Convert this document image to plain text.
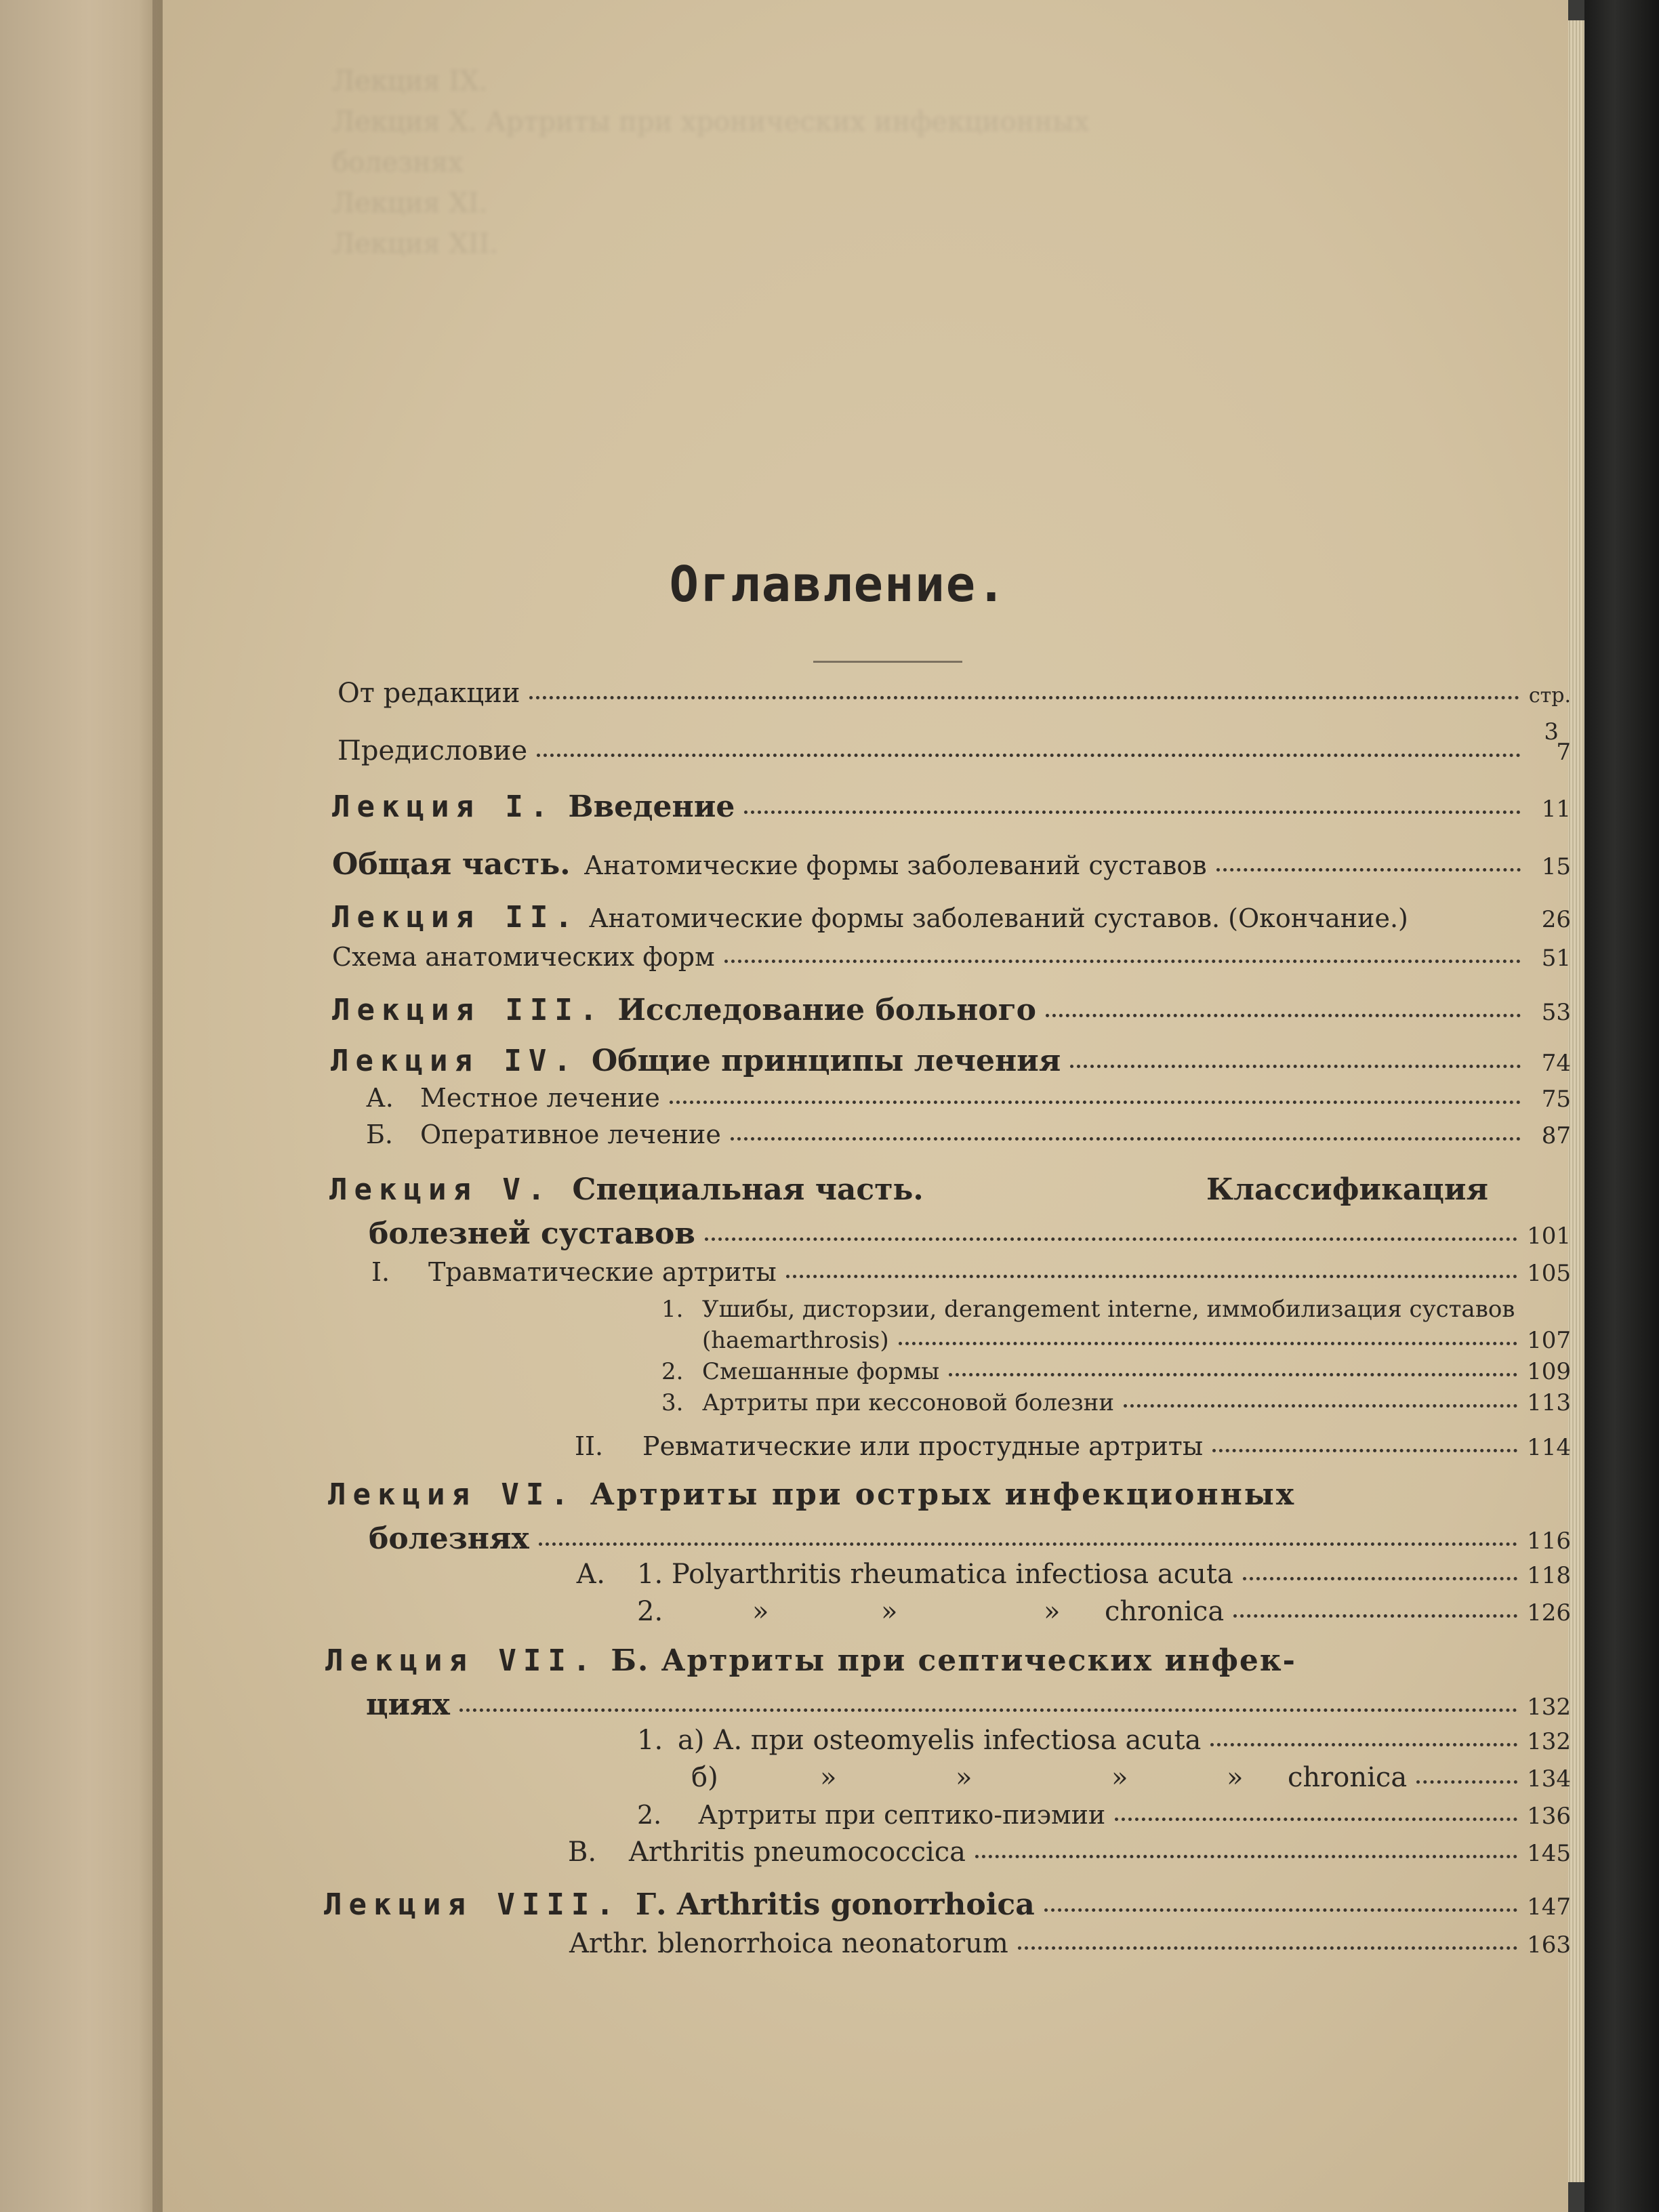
Лекция IX.
Лекция X. Артриты при хронических инфекционных
болезнях
Лекция XI.
Лекция XII.
Оглавление.
От редакции	стр.
3
Предисловие	7
Лекция I. Введение	11
Общая часть. Анатомические формы заболеваний суставов	15
Лекция II. Анатомические формы заболеваний суставов. (Окончание.)	26
Схема анатомических форм	51
Лекция III. Исследование больного	53
Лекция IV. Общие принципы лечения	74
А.	Местное лечение	75
Б.	Оперативное лечение	87
Лекция V. Специальная часть.	Классификация
болезней суставов	101
I.	Травматические артриты	105
1. Ушибы, дисторзии, derangement interne, иммобилизация суставов
(haemarthrosis)	107
2. Смешанные формы	109
3. Артриты при кессоновой болезни	113
II.	Ревматические или простудные артриты	114
Лекция VI. Артриты при острых инфекционных
болезнях	116
А.	1. Polyarthritis rheumatica infectiosa acuta	118
2.	»	»	»	chronica	126
Лекция VII. Б. Артриты при септических инфек-
циях	132
1. а) А. при osteomyelis infectiosa acuta	132
б)	»	»	»	»	chronica	134
2.	Артриты при септико-пиэмии	136
В.	Arthritis pneumococcica	145
Лекция VIII. Г. Arthritis gonorrhoica	147
Arthr. blenorrhoica neonatorum	163
